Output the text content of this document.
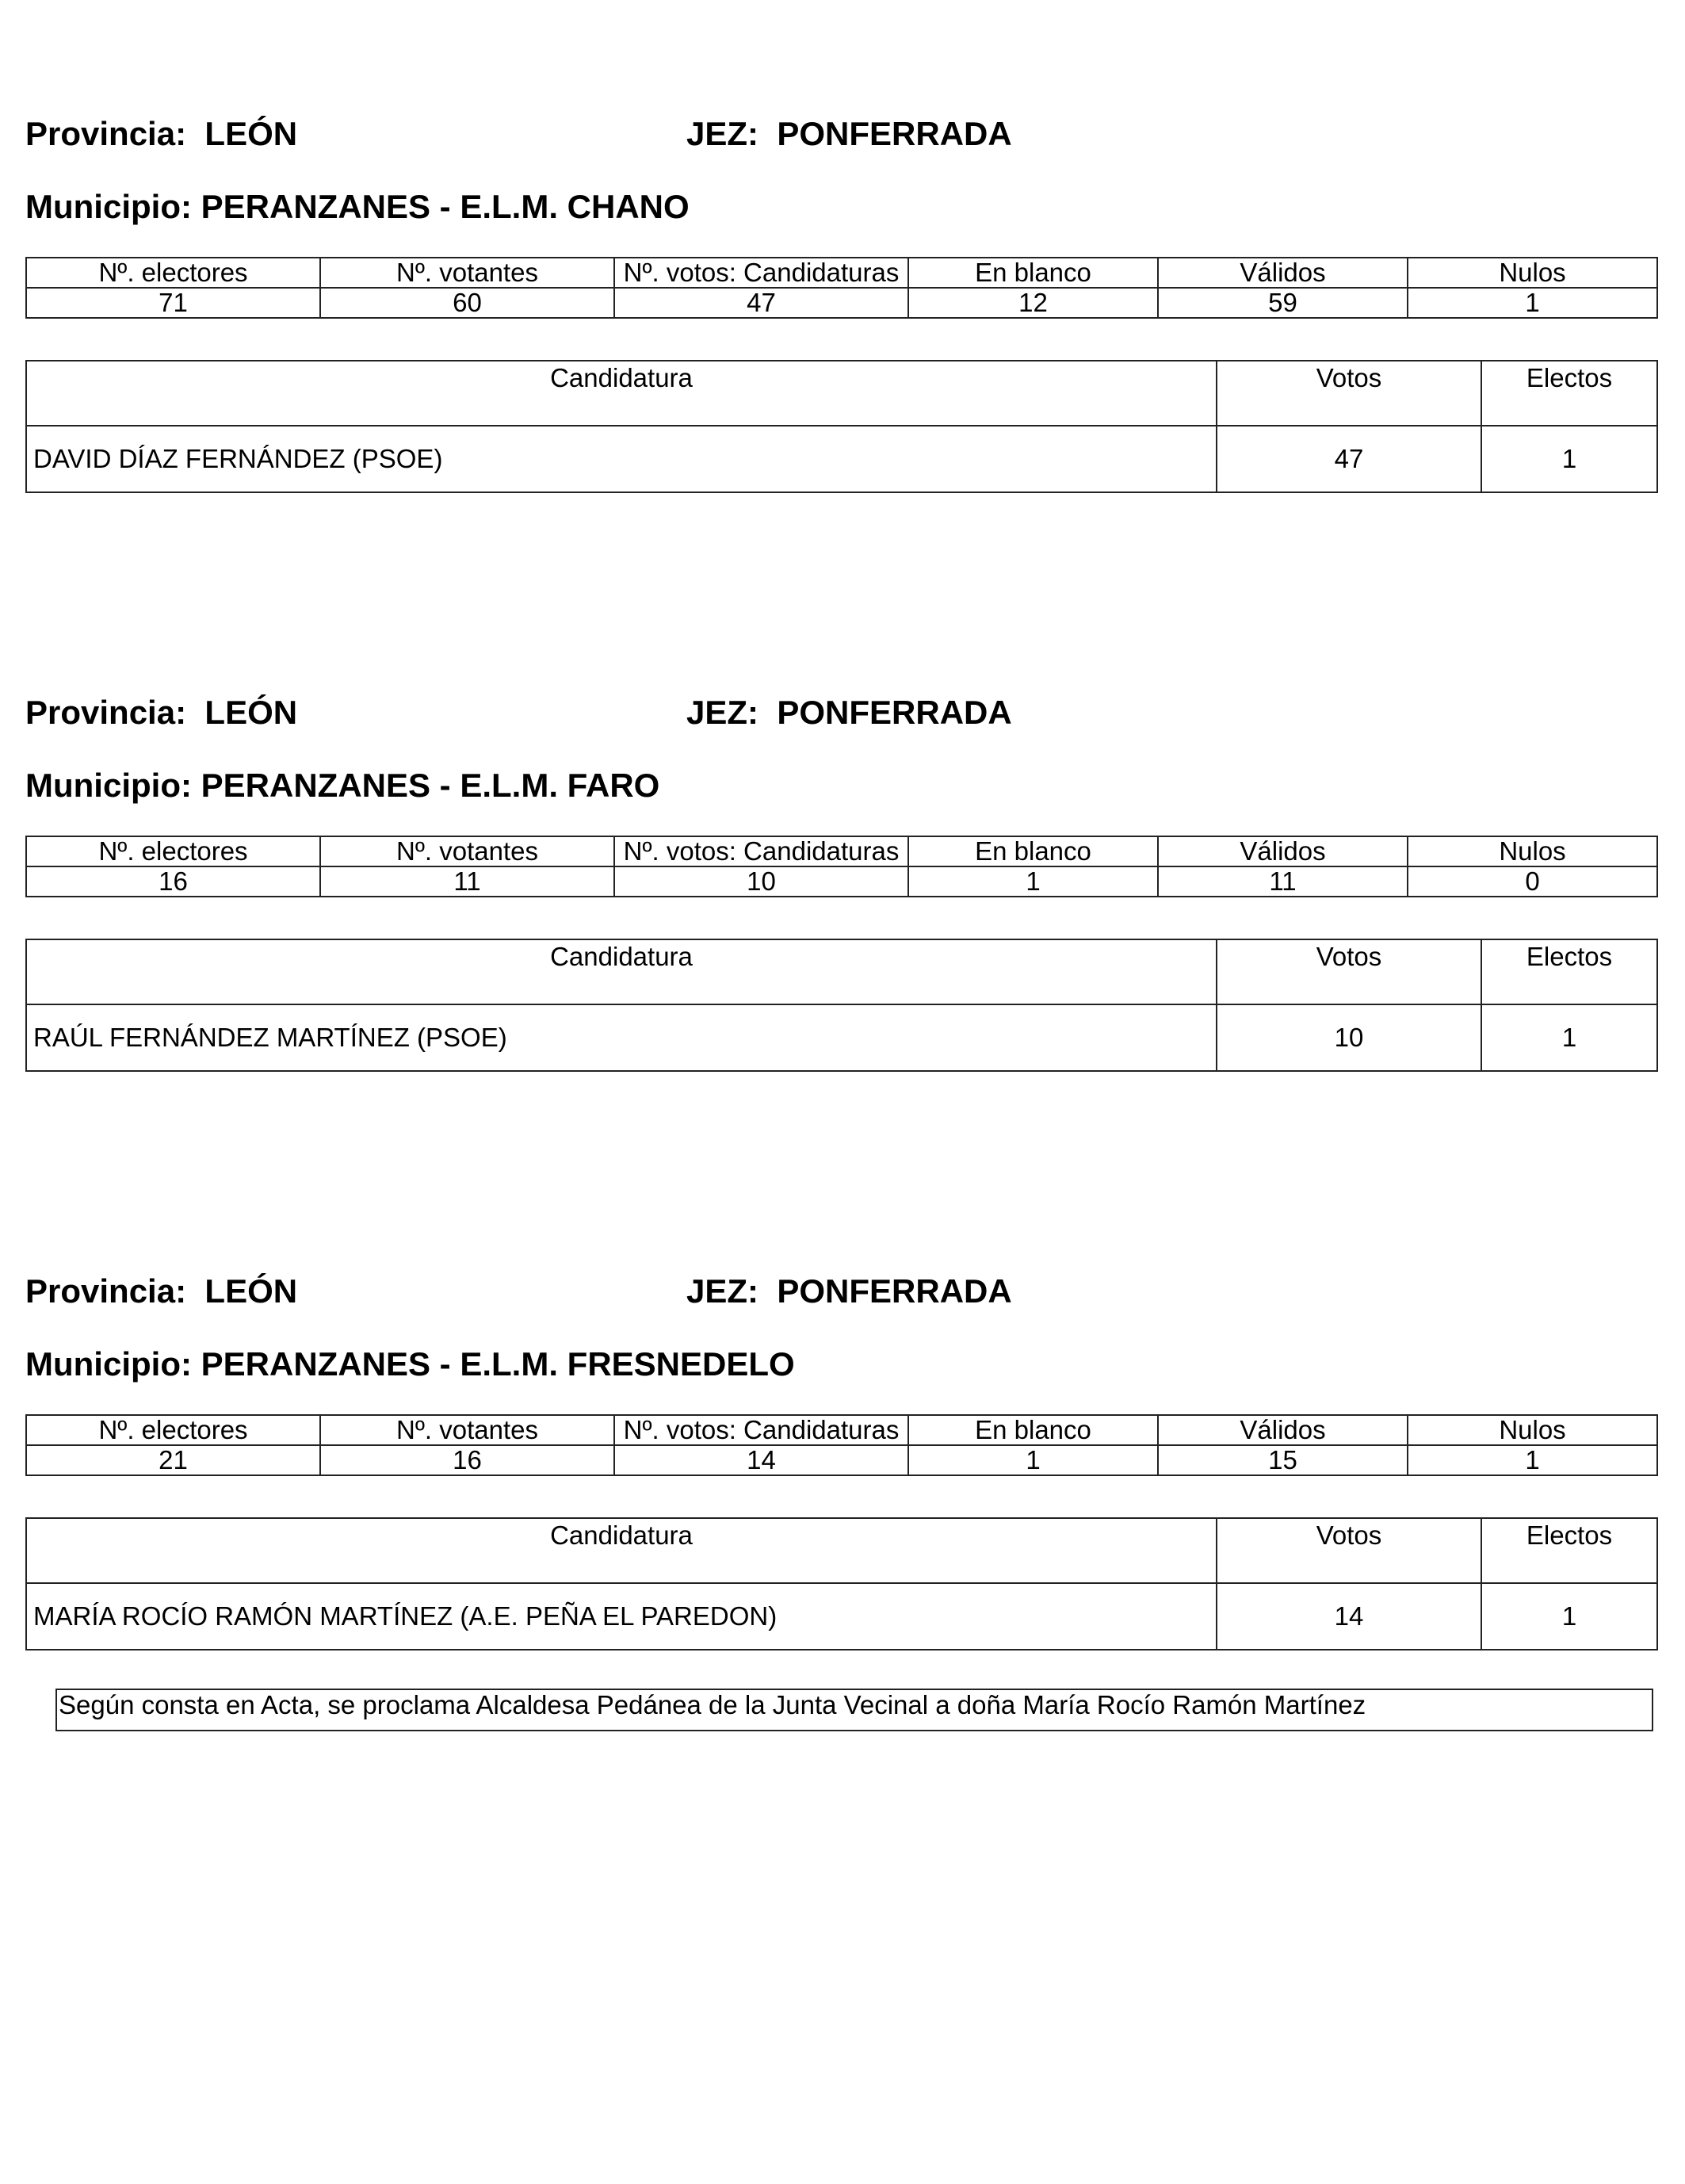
Provincia: LEÓN	JEZ: PONFERRADA
Municipio: PERANZANES - E.L.M. CHANO
Nº. electores	Nº. votantes	Nº. votos: Candidaturas	En blanco	Válidos	Nulos
71	60	47	12	59	1
Candidatura	Votos	Electos
DAVID DÍAZ FERNÁNDEZ (PSOE)	47	1
Provincia: LEÓN	JEZ: PONFERRADA
Municipio: PERANZANES - E.L.M. FARO
Nº. electores	Nº. votantes	Nº. votos: Candidaturas	En blanco	Válidos	Nulos
16	11	10	1	11	0
Candidatura	Votos	Electos
RAÚL FERNÁNDEZ MARTÍNEZ (PSOE)	10	1
Provincia: LEÓN	JEZ: PONFERRADA
Municipio: PERANZANES - E.L.M. FRESNEDELO
Nº. electores	Nº. votantes	Nº. votos: Candidaturas	En blanco	Válidos	Nulos
21	16	14	1	15	1
Candidatura	Votos	Electos
MARÍA ROCÍO RAMÓN MARTÍNEZ (A.E. PEÑA EL PAREDON)	14	1
Según consta en Acta, se proclama Alcaldesa Pedánea de la Junta Vecinal a doña María Rocío Ramón Martínez
